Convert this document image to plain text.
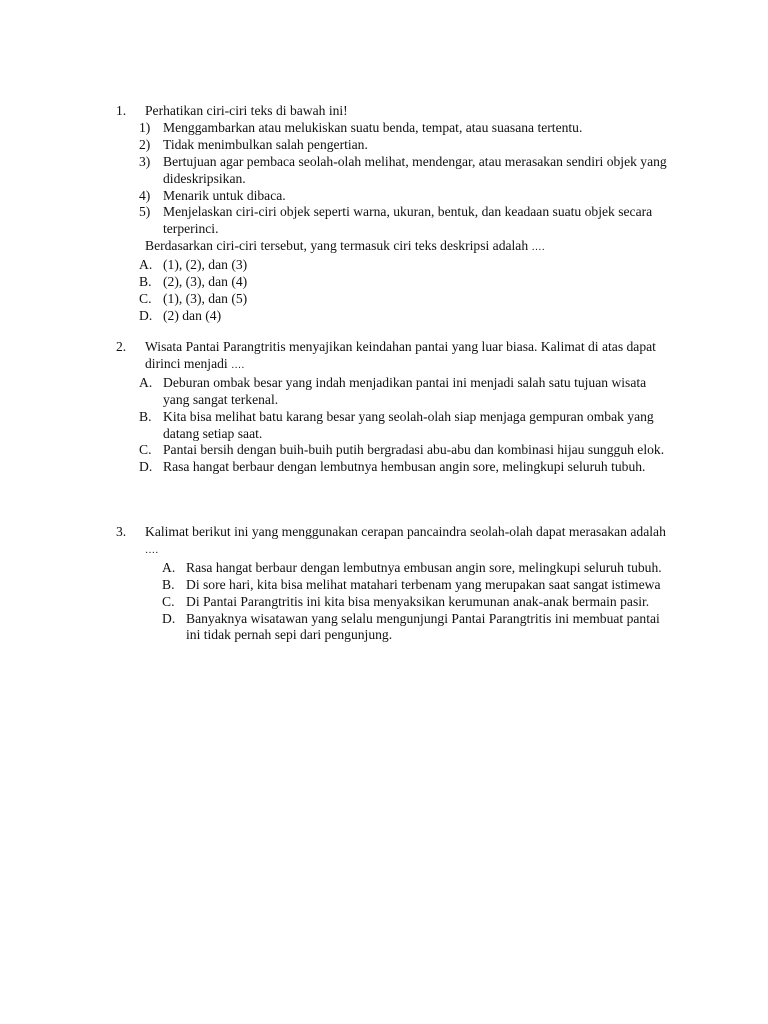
1. Perhatikan ciri-ciri teks di bawah ini!
1) Menggambarkan atau melukiskan suatu benda, tempat, atau suasana tertentu.
2) Tidak menimbulkan salah pengertian.
3) Bertujuan agar pembaca seolah-olah melihat, mendengar, atau merasakan sendiri objek yang dideskripsikan.
4) Menarik untuk dibaca.
5) Menjelaskan ciri-ciri objek seperti warna, ukuran, bentuk, dan keadaan suatu objek secara terperinci.
Berdasarkan ciri-ciri tersebut, yang termasuk ciri teks deskripsi adalah ….
A. (1), (2), dan (3)
B. (2), (3), dan (4)
C. (1), (3), dan (5)
D. (2) dan (4)
2. Wisata Pantai Parangtritis menyajikan keindahan pantai yang luar biasa. Kalimat di atas dapat dirinci menjadi ….
A. Deburan ombak besar yang indah menjadikan pantai ini menjadi salah satu tujuan wisata yang sangat terkenal.
B. Kita bisa melihat batu karang besar yang seolah-olah siap menjaga gempuran ombak yang datang setiap saat.
C. Pantai bersih dengan buih-buih putih bergradasi abu-abu dan kombinasi hijau sungguh elok.
D. Rasa hangat berbaur dengan lembutnya hembusan angin sore, melingkupi seluruh tubuh.
3. Kalimat berikut ini yang menggunakan cerapan pancaindra seolah-olah dapat merasakan adalah ….
A. Rasa hangat berbaur dengan lembutnya embusan angin sore, melingkupi seluruh tubuh.
B. Di sore hari, kita bisa melihat matahari terbenam yang merupakan saat sangat istimewa
C. Di Pantai Parangtritis ini kita bisa menyaksikan kerumunan anak-anak bermain pasir.
D. Banyaknya wisatawan yang selalu mengunjungi Pantai Parangtritis ini membuat pantai ini tidak pernah sepi dari pengunjung.
